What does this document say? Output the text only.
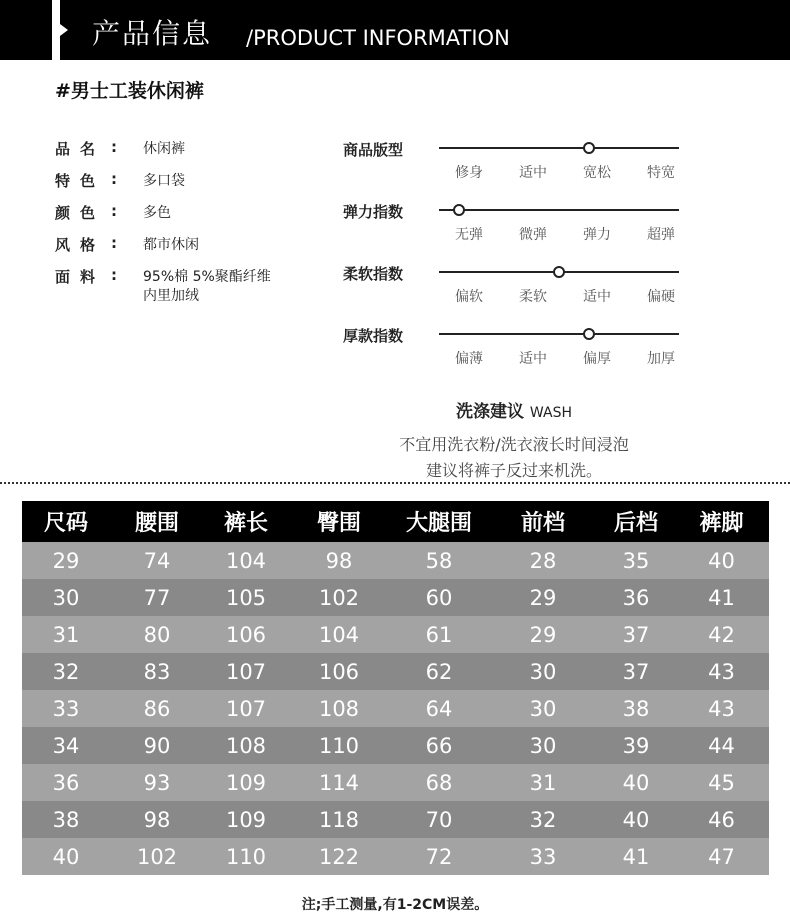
产品信息 /PRODUCT INFORMATION
#男士工装休闲裤
品名 : 休闲裤
特色 : 多口袋
颜色 : 多色
风格 : 都市休闲
面料 : 95%棉 5%聚酯纤维
内里加绒
商品版型
修身	适中	宽松	特宽
弹力指数
无弹	微弹	弹力	超弹
柔软指数
偏软	柔软	适中	偏硬
厚款指数
偏薄	适中	偏厚	加厚
洗涤建议 WASH
不宜用洗衣粉/洗衣液长时间浸泡
建议将裤子反过来机洗。
尺码	腰围	裤长	臀围	大腿围	前档	后档	裤脚
29	74	104	98	58	28	35	40
30	77	105	102	60	29	36	41
31	80	106	104	61	29	37	42
32	83	107	106	62	30	37	43
33	86	107	108	64	30	38	43
34	90	108	110	66	30	39	44
36	93	109	114	68	31	40	45
38	98	109	118	70	32	40	46
40	102	110	122	72	33	41	47
注;手工测量,有1-2CM误差。
